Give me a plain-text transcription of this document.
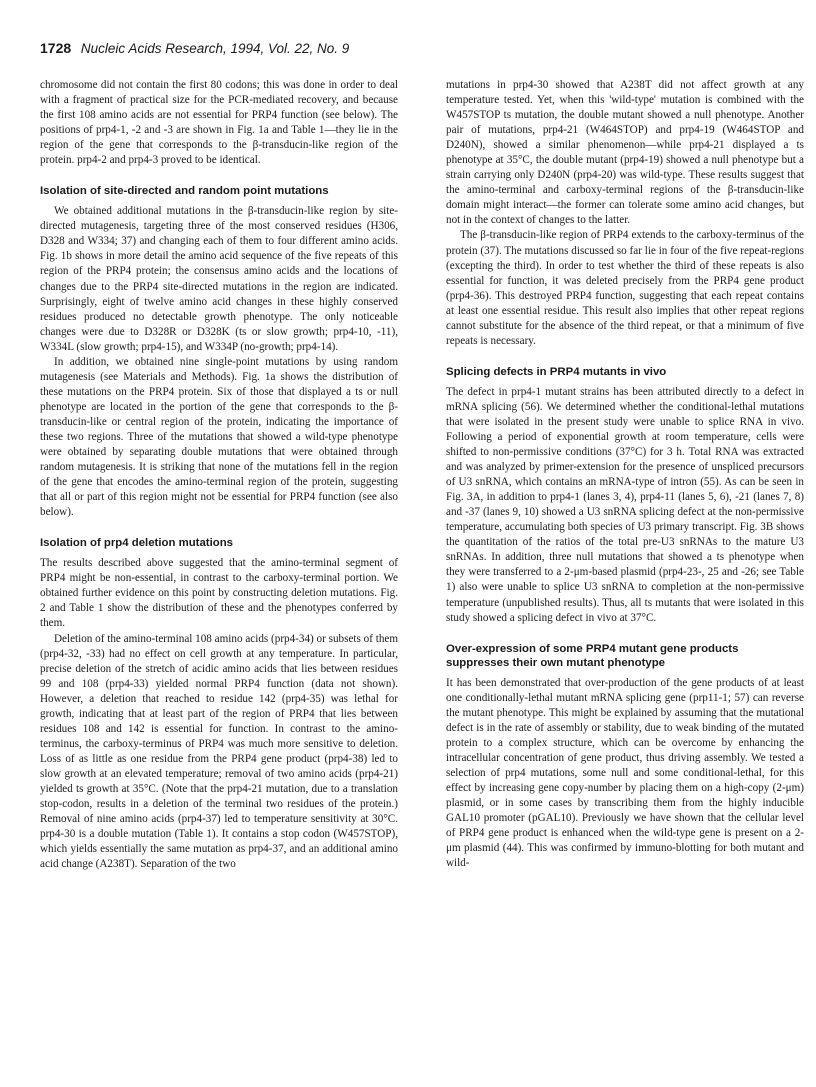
1728 Nucleic Acids Research, 1994, Vol. 22, No. 9

chromosome did not contain the first 80 codons; this was done in order to deal with a fragment of practical size for the PCR-mediated recovery, and because the first 108 amino acids are not essential for PRP4 function (see below). The positions of prp4-1, -2 and -3 are shown in Fig. 1a and Table 1—they lie in the region of the gene that corresponds to the β-transducin-like region of the protein. prp4-2 and prp4-3 proved to be identical.

Isolation of site-directed and random point mutations

We obtained additional mutations in the β-transducin-like region by site-directed mutagenesis, targeting three of the most conserved residues (H306, D328 and W334; 37) and changing each of them to four different amino acids. Fig. 1b shows in more detail the amino acid sequence of the five repeats of this region of the PRP4 protein; the consensus amino acids and the locations of changes due to the PRP4 site-directed mutations in the region are indicated. Surprisingly, eight of twelve amino acid changes in these highly conserved residues produced no detectable growth phenotype. The only noticeable changes were due to D328R or D328K (ts or slow growth; prp4-10, -11), W334L (slow growth; prp4-15), and W334P (no-growth; prp4-14).

In addition, we obtained nine single-point mutations by using random mutagenesis (see Materials and Methods). Fig. 1a shows the distribution of these mutations on the PRP4 protein. Six of those that displayed a ts or null phenotype are located in the portion of the gene that corresponds to the β-transducin-like or central region of the protein, indicating the importance of these two regions. Three of the mutations that showed a wild-type phenotype were obtained by separating double mutations that were obtained through random mutagenesis. It is striking that none of the mutations fell in the region of the gene that encodes the amino-terminal region of the protein, suggesting that all or part of this region might not be essential for PRP4 function (see also below).

Isolation of prp4 deletion mutations

The results described above suggested that the amino-terminal segment of PRP4 might be non-essential, in contrast to the carboxy-terminal portion. We obtained further evidence on this point by constructing deletion mutations. Fig. 2 and Table 1 show the distribution of these and the phenotypes conferred by them.

Deletion of the amino-terminal 108 amino acids (prp4-34) or subsets of them (prp4-32, -33) had no effect on cell growth at any temperature. In particular, precise deletion of the stretch of acidic amino acids that lies between residues 99 and 108 (prp4-33) yielded normal PRP4 function (data not shown). However, a deletion that reached to residue 142 (prp4-35) was lethal for growth, indicating that at least part of the region of PRP4 that lies between residues 108 and 142 is essential for function. In contrast to the amino-terminus, the carboxy-terminus of PRP4 was much more sensitive to deletion. Loss of as little as one residue from the PRP4 gene product (prp4-38) led to slow growth at an elevated temperature; removal of two amino acids (prp4-21) yielded ts growth at 35°C. (Note that the prp4-21 mutation, due to a translation stop-codon, results in a deletion of the terminal two residues of the protein.) Removal of nine amino acids (prp4-37) led to temperature sensitivity at 30°C. prp4-30 is a double mutation (Table 1). It contains a stop codon (W457STOP), which yields essentially the same mutation as prp4-37, and an additional amino acid change (A238T). Separation of the two

mutations in prp4-30 showed that A238T did not affect growth at any temperature tested. Yet, when this 'wild-type' mutation is combined with the W457STOP ts mutation, the double mutant showed a null phenotype. Another pair of mutations, prp4-21 (W464STOP) and prp4-19 (W464STOP and D240N), showed a similar phenomenon—while prp4-21 displayed a ts phenotype at 35°C, the double mutant (prp4-19) showed a null phenotype but a strain carrying only D240N (prp4-20) was wild-type. These results suggest that the amino-terminal and carboxy-terminal regions of the β-transducin-like domain might interact—the former can tolerate some amino acid changes, but not in the context of changes to the latter.

The β-transducin-like region of PRP4 extends to the carboxy-terminus of the protein (37). The mutations discussed so far lie in four of the five repeat-regions (excepting the third). In order to test whether the third of these repeats is also essential for function, it was deleted precisely from the PRP4 gene product (prp4-36). This destroyed PRP4 function, suggesting that each repeat contains at least one essential residue. This result also implies that other repeat regions cannot substitute for the absence of the third repeat, or that a minimum of five repeats is necessary.

Splicing defects in PRP4 mutants in vivo

The defect in prp4-1 mutant strains has been attributed directly to a defect in mRNA splicing (56). We determined whether the conditional-lethal mutations that were isolated in the present study were unable to splice RNA in vivo. Following a period of exponential growth at room temperature, cells were shifted to non-permissive conditions (37°C) for 3 h. Total RNA was extracted and was analyzed by primer-extension for the presence of unspliced precursors of U3 snRNA, which contains an mRNA-type of intron (55). As can be seen in Fig. 3A, in addition to prp4-1 (lanes 3, 4), prp4-11 (lanes 5, 6), -21 (lanes 7, 8) and -37 (lanes 9, 10) showed a U3 snRNA splicing defect at the non-permissive temperature, accumulating both species of U3 primary transcript. Fig. 3B shows the quantitation of the ratios of the total pre-U3 snRNAs to the mature U3 snRNAs. In addition, three null mutations that showed a ts phenotype when they were transferred to a 2-μm-based plasmid (prp4-23-, 25 and -26; see Table 1) also were unable to splice U3 snRNA to completion at the non-permissive temperature (unpublished results). Thus, all ts mutants that were isolated in this study showed a splicing defect in vivo at 37°C.

Over-expression of some PRP4 mutant gene products suppresses their own mutant phenotype

It has been demonstrated that over-production of the gene products of at least one conditionally-lethal mutant mRNA splicing gene (prp11-1; 57) can reverse the mutant phenotype. This might be explained by assuming that the mutational defect is in the rate of assembly or stability, due to weak binding of the mutated protein to a complex structure, which can be overcome by enhancing the intracellular concentration of gene product, thus driving assembly. We tested a selection of prp4 mutations, some null and some conditional-lethal, for this effect by increasing gene copy-number by placing them on a high-copy (2-μm) plasmid, or in some cases by transcribing them from the highly inducible GAL10 promoter (pGAL10). Previously we have shown that the cellular level of PRP4 gene product is enhanced when the wild-type gene is present on a 2-μm plasmid (44). This was confirmed by immuno-blotting for both mutant and wild-
